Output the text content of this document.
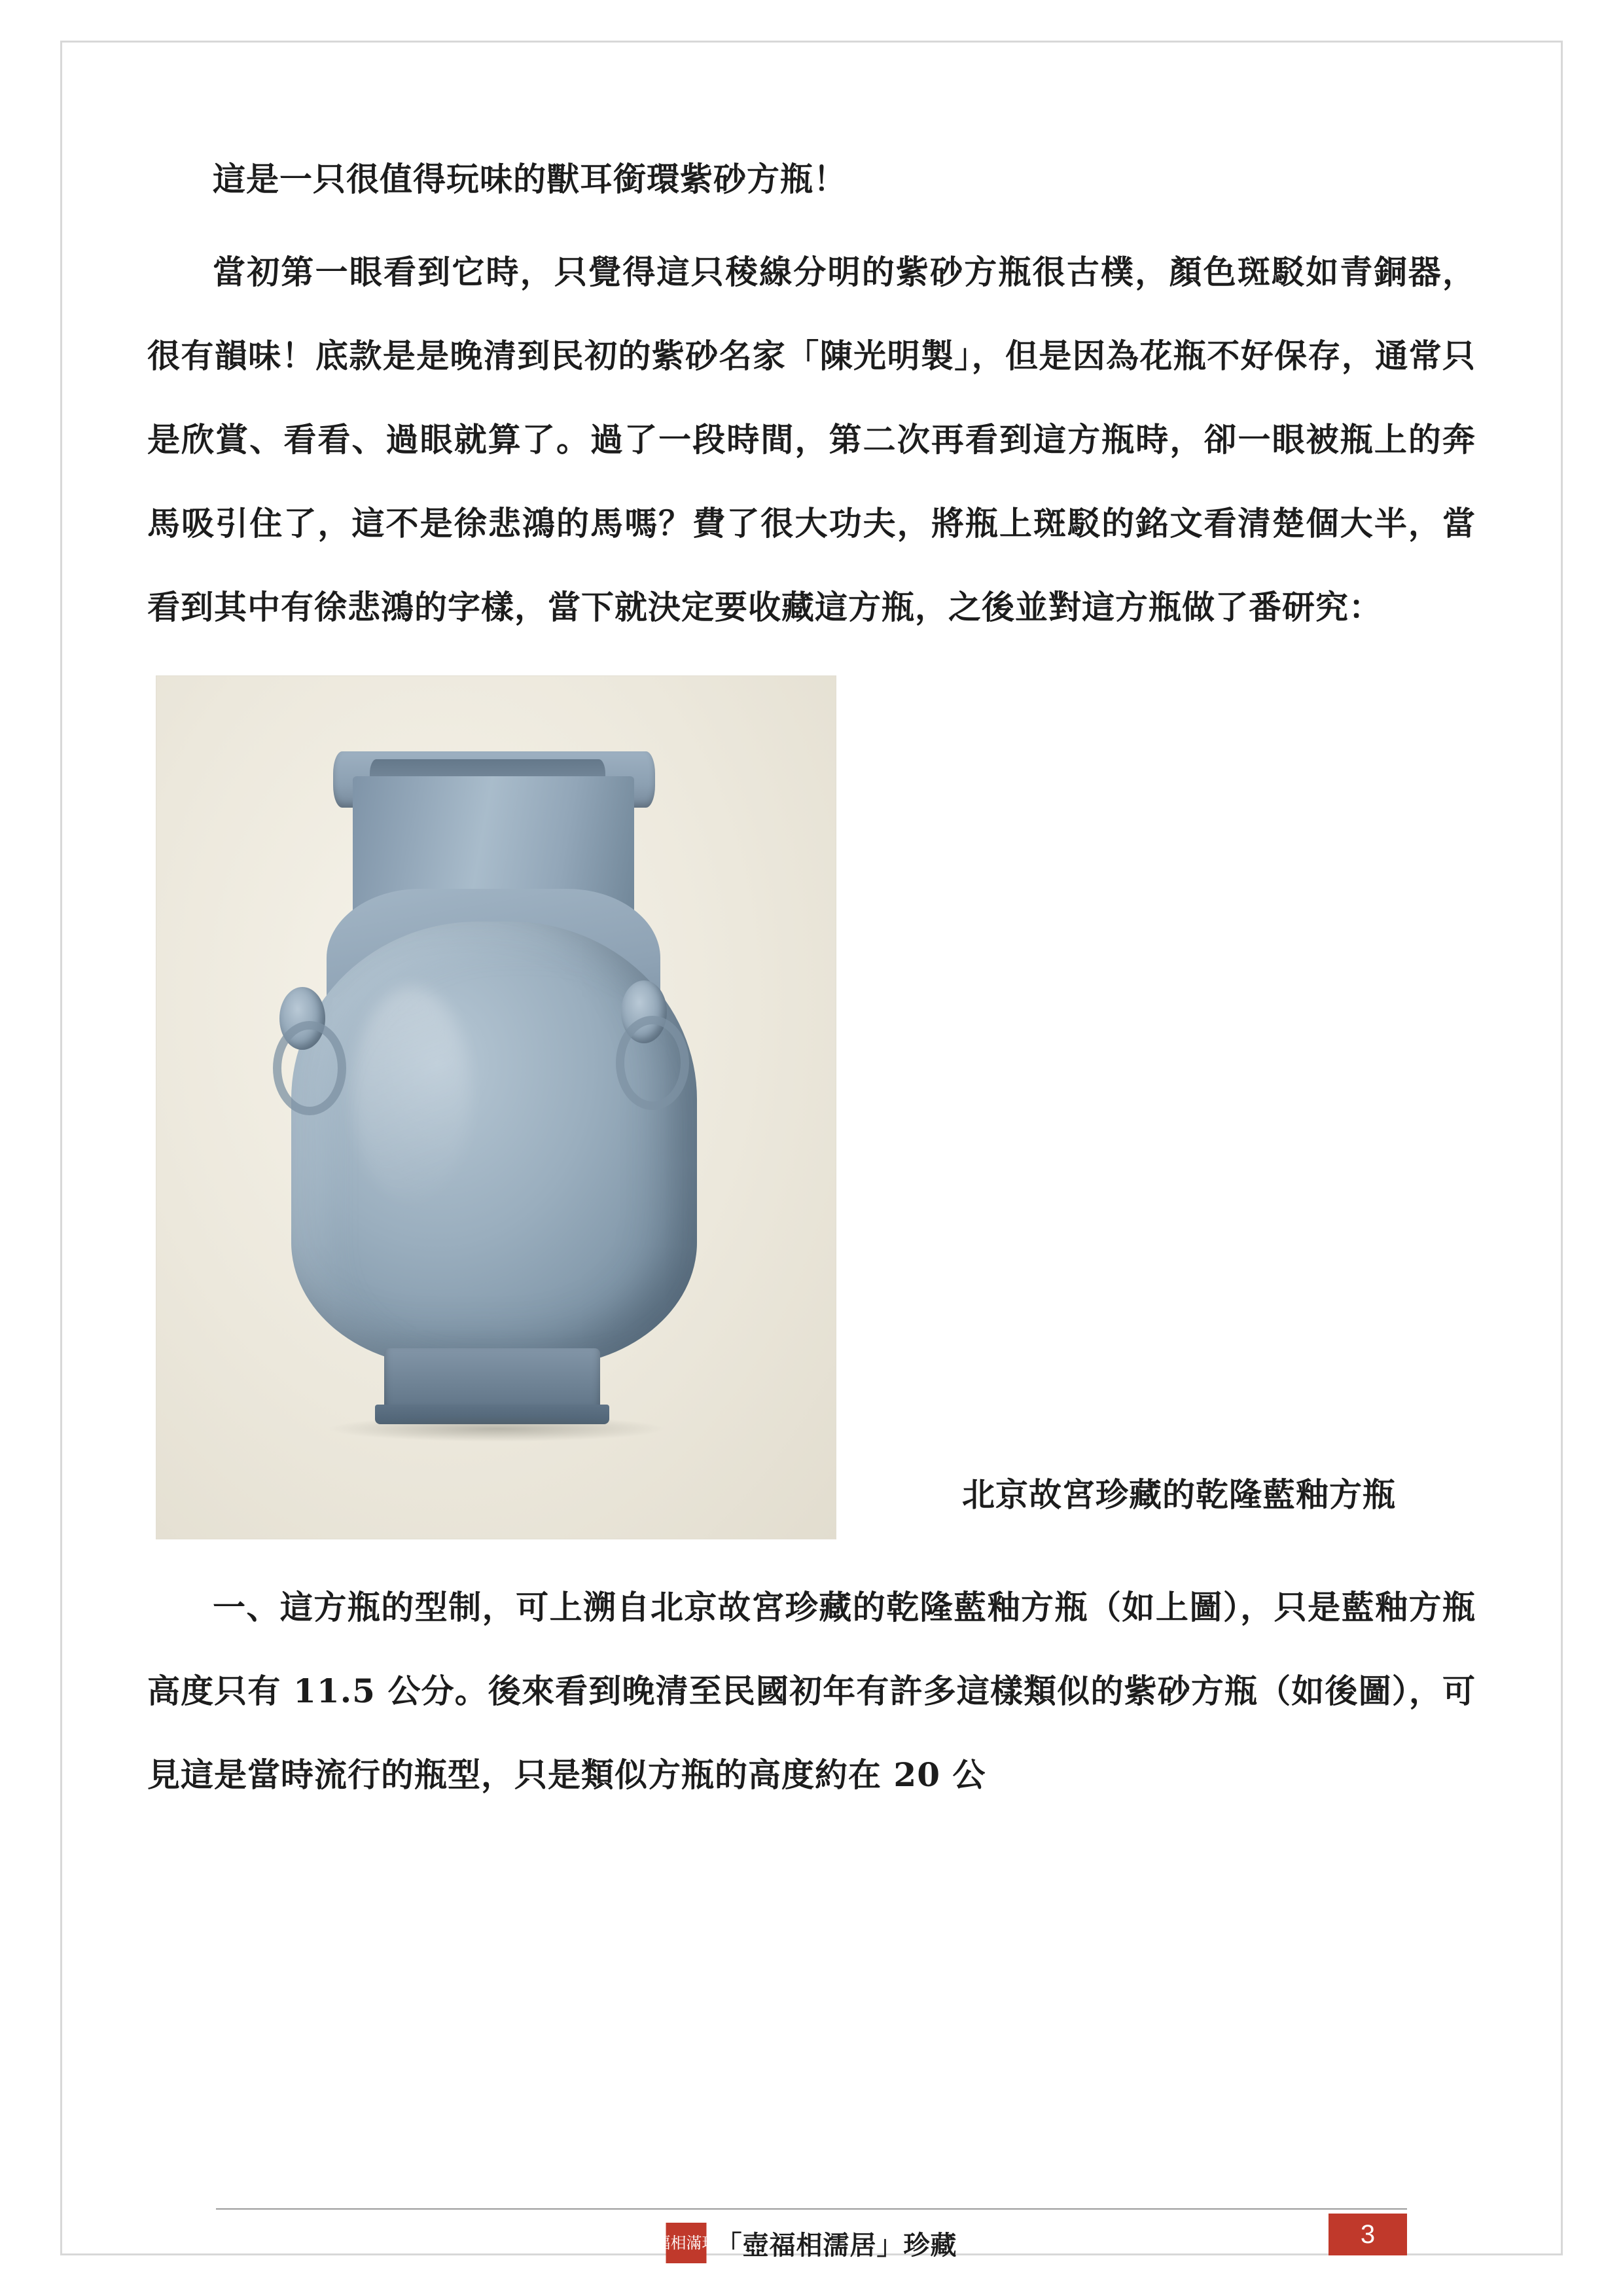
這是一只很值得玩味的獸耳銜環紫砂方瓶！

當初第一眼看到它時，只覺得這只稜線分明的紫砂方瓶很古樸，顏色斑駁如青銅器，很有韻味！底款是是晚清到民初的紫砂名家「陳光明製」，但是因為花瓶不好保存，通常只是欣賞、看看、過眼就算了。過了一段時間，第二次再看到這方瓶時，卻一眼被瓶上的奔馬吸引住了，這不是徐悲鴻的馬嗎？費了很大功夫，將瓶上斑駁的銘文看清楚個大半，當看到其中有徐悲鴻的字樣，當下就決定要收藏這方瓶，之後並對這方瓶做了番研究：

北京故宮珍藏的乾隆藍釉方瓶

一、這方瓶的型制，可上溯自北京故宮珍藏的乾隆藍釉方瓶（如上圖），只是藍釉方瓶高度只有 11.5 公分。後來看到晚清至民國初年有許多這樣類似的紫砂方瓶（如後圖），可見這是當時流行的瓶型，只是類似方瓶的高度約在 20 公

壺福相滿珍藏
「壺福相濡居」珍藏	3
